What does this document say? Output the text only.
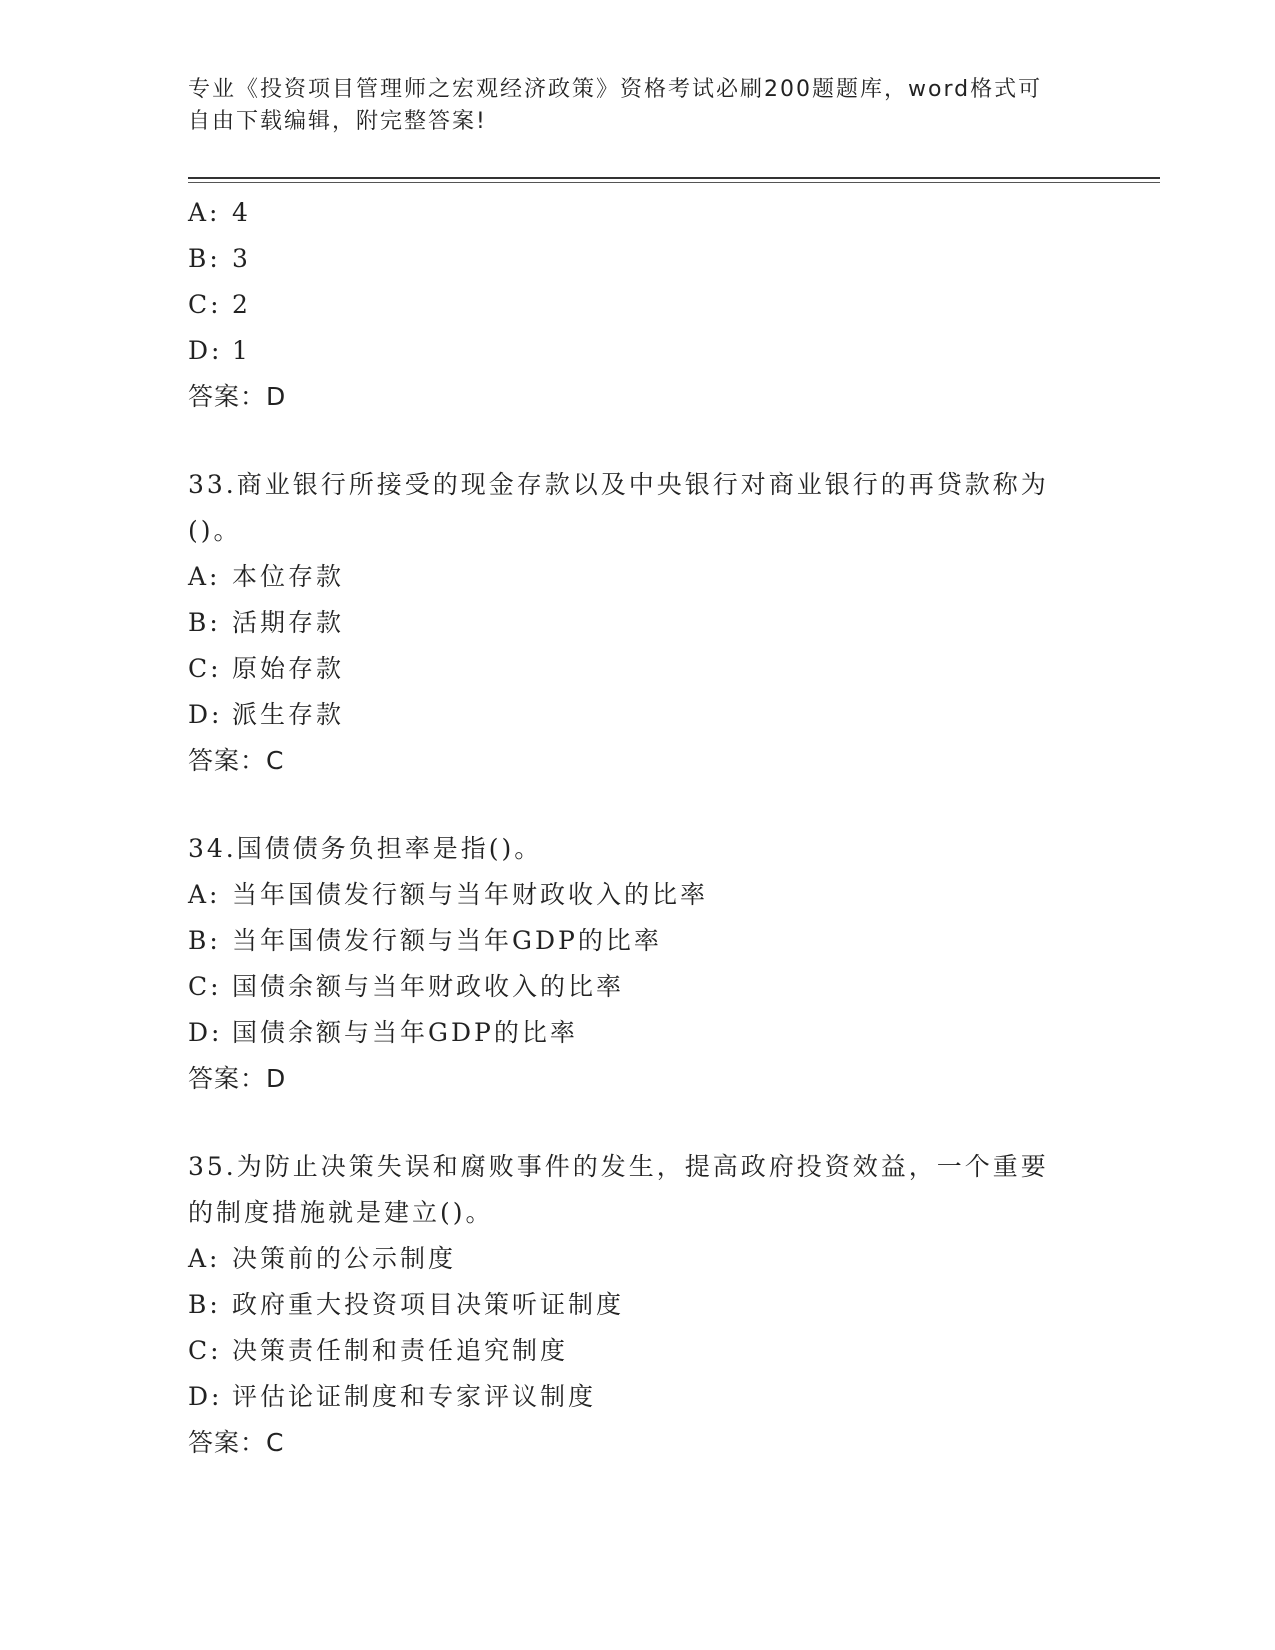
专业《投资项目管理师之宏观经济政策》资格考试必刷200题题库，word格式可
自由下载编辑，附完整答案!
A: 4
B: 3
C: 2
D: 1
答案：D
33.商业银行所接受的现金存款以及中央银行对商业银行的再贷款称为
()。
A: 本位存款
B: 活期存款
C: 原始存款
D: 派生存款
答案：C
34.国债债务负担率是指()。
A: 当年国债发行额与当年财政收入的比率
B: 当年国债发行额与当年GDP的比率
C: 国债余额与当年财政收入的比率
D: 国债余额与当年GDP的比率
答案：D
35.为防止决策失误和腐败事件的发生，提高政府投资效益，一个重要
的制度措施就是建立()。
A: 决策前的公示制度
B: 政府重大投资项目决策听证制度
C: 决策责任制和责任追究制度
D: 评估论证制度和专家评议制度
答案：C
